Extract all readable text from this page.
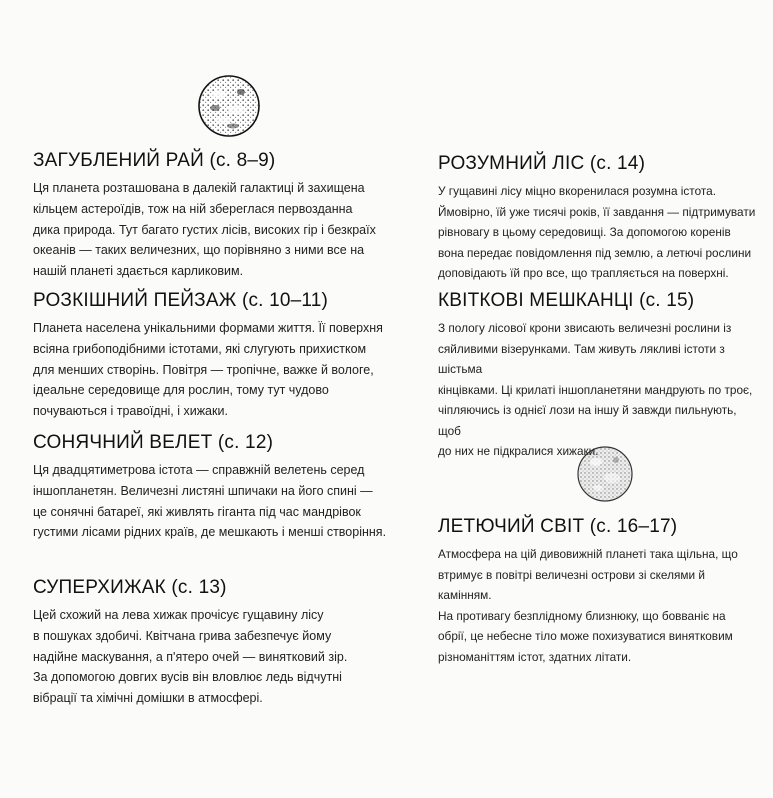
ЗАГУБЛЕНИЙ РАЙ (с. 8–9)

Ця планета розташована в далекій галактиці й захищена
кільцем астероїдів, тож на ній збереглася первозданна
дика природа. Тут багато густих лісів, високих гір і безкраїх
океанів — таких величезних, що порівняно з ними все на
нашій планеті здається карликовим.

РОЗКІШНИЙ ПЕЙЗАЖ (с. 10–11)

Планета населена унікальними формами життя. Її поверхня
всіяна грибоподібними істотами, які слугують прихистком
для менших створінь. Повітря — тропічне, важке й вологе,
ідеальне середовище для рослин, тому тут чудово
почуваються і травоїдні, і хижаки.

СОНЯЧНИЙ ВЕЛЕТ (с. 12)

Ця двадцятиметрова істота — справжній велетень серед
іншопланетян. Величезні листяні шпичаки на його спині —
це сонячні батареї, які живлять гіганта під час мандрівок
густими лісами рідних країв, де мешкають і менші створіння.

СУПЕРХИЖАК (с. 13)

Цей схожий на лева хижак прочісує гущавину лісу
в пошуках здобичі. Квітчана грива забезпечує йому
надійне маскування, а п'ятеро очей — винятковий зір.
За допомогою довгих вусів він вловлює ледь відчутні
вібрації та хімічні домішки в атмосфері.

РОЗУМНИЙ ЛІС (с. 14)

У гущавині лісу міцно вкоренилася розумна істота.
Ймовірно, їй уже тисячі років, її завдання — підтримувати
рівновагу в цьому середовищі. За допомогою коренів
вона передає повідомлення під землю, а летючі рослини
доповідають їй про все, що трапляється на поверхні.

КВІТКОВІ МЕШКАНЦІ (с. 15)

З пологу лісової крони звисають величезні рослини із
сяйливими візерунками. Там живуть лякливі істоти з шістьма
кінцівками. Ці крилаті іншопланетяни мандрують по троє,
чіпляючись із однієї лози на іншу й завжди пильнують, щоб
до них не підкралися хижаки.

ЛЕТЮЧИЙ СВІТ (с. 16–17)

Атмосфера на цій дивовижній планеті така щільна, що
втримує в повітрі величезні острови зі скелями й камінням.
На противагу безплідному близнюку, що бовваніє на
обрії, це небесне тіло може похизуватися винятковим
різноманіттям істот, здатних літати.
